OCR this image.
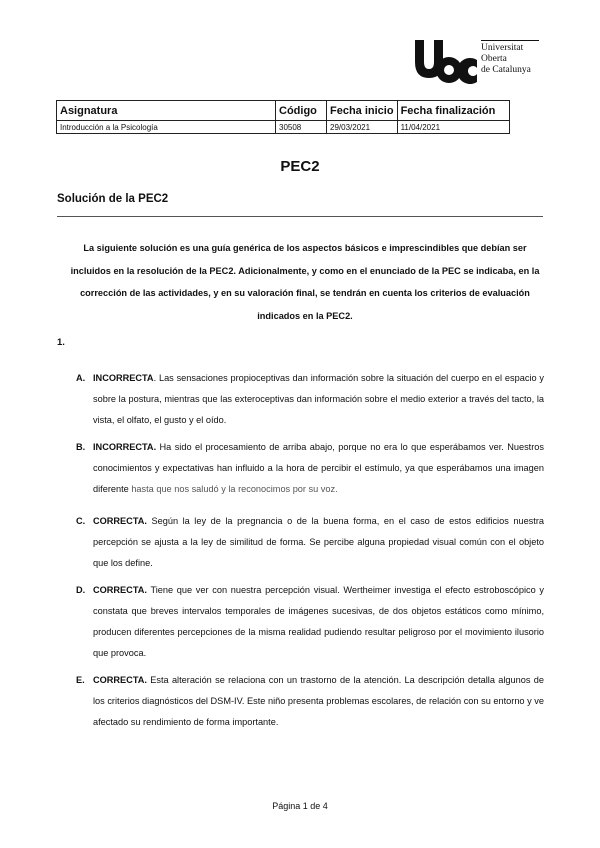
Universitat
Oberta
de Catalunya
Asignatura	Código	Fecha inicio	Fecha finalización
Introducción a la Psicología	30508	29/03/2021	11/04/2021
PEC2
Solución de la PEC2
La siguiente solución es una guía genérica de los aspectos básicos e imprescindibles que debían ser incluidos en la resolución de la PEC2. Adicionalmente, y como en el enunciado de la PEC se indicaba, en la corrección de las actividades, y en su valoración final, se tendrán en cuenta los criterios de evaluación indicados en la PEC2.
1.
A. INCORRECTA. Las sensaciones propioceptivas dan información sobre la situación del cuerpo en el espacio y sobre la postura, mientras que las exteroceptivas dan información sobre el medio exterior a través del tacto, la vista, el olfato, el gusto y el oído.
B. INCORRECTA. Ha sido el procesamiento de arriba abajo, porque no era lo que esperábamos ver. Nuestros conocimientos y expectativas han influido a la hora de percibir el estímulo, ya que esperábamos una imagen diferente hasta que nos saludó y la reconocimos por su voz.
C. CORRECTA. Según la ley de la pregnancia o de la buena forma, en el caso de estos edificios nuestra percepción se ajusta a la ley de similitud de forma. Se percibe alguna propiedad visual común con el objeto que los define.
D. CORRECTA. Tiene que ver con nuestra percepción visual. Wertheimer investiga el efecto estroboscópico y constata que breves intervalos temporales de imágenes sucesivas, de dos objetos estáticos como mínimo, producen diferentes percepciones de la misma realidad pudiendo resultar peligroso por el movimiento ilusorio que provoca.
E. CORRECTA. Esta alteración se relaciona con un trastorno de la atención. La descripción detalla algunos de los criterios diagnósticos del DSM-IV. Este niño presenta problemas escolares, de relación con su entorno y ve afectado su rendimiento de forma importante.
Página 1 de 4
